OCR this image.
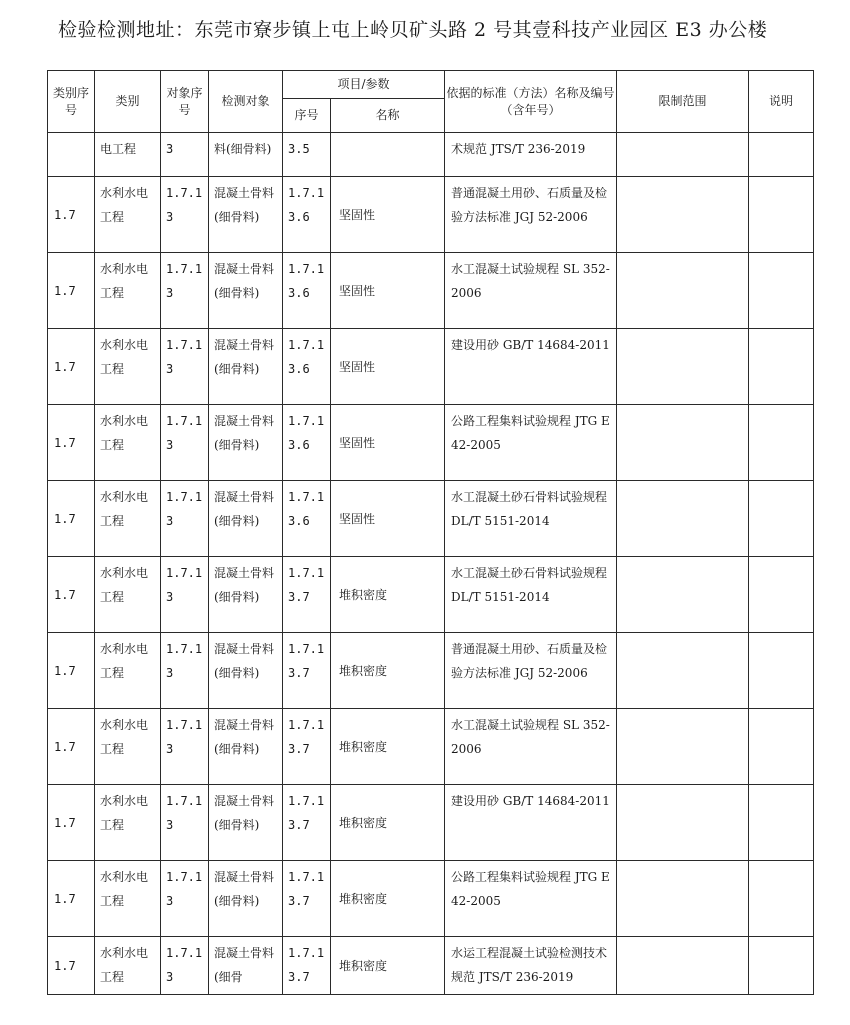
检验检测地址：东莞市寮步镇上屯上岭贝矿头路 2 号其壹科技产业园区 E3 办公楼
类别序号	类别	对象序号	检测对象	项目/参数		依据的标准（方法）名称及编号（含年号）	限制范围	说明
				序号	名称			
	电工程	3	料(细骨料)	3.5		术规范 JTS/T 236-2019		
1.7	水利水电工程	1.7.13	混凝土骨料(细骨料)	1.7.13.6	坚固性	普通混凝土用砂、石质量及检验方法标准 JGJ 52-2006		
1.7	水利水电工程	1.7.13	混凝土骨料(细骨料)	1.7.13.6	坚固性	水工混凝土试验规程 SL 352-2006		
1.7	水利水电工程	1.7.13	混凝土骨料(细骨料)	1.7.13.6	坚固性	建设用砂 GB/T 14684-2011		
1.7	水利水电工程	1.7.13	混凝土骨料(细骨料)	1.7.13.6	坚固性	公路工程集料试验规程 JTG E42-2005		
1.7	水利水电工程	1.7.13	混凝土骨料(细骨料)	1.7.13.6	坚固性	水工混凝土砂石骨料试验规程 DL/T 5151-2014		
1.7	水利水电工程	1.7.13	混凝土骨料(细骨料)	1.7.13.7	堆积密度	水工混凝土砂石骨料试验规程 DL/T 5151-2014		
1.7	水利水电工程	1.7.13	混凝土骨料(细骨料)	1.7.13.7	堆积密度	普通混凝土用砂、石质量及检验方法标准 JGJ 52-2006		
1.7	水利水电工程	1.7.13	混凝土骨料(细骨料)	1.7.13.7	堆积密度	水工混凝土试验规程 SL 352-2006		
1.7	水利水电工程	1.7.13	混凝土骨料(细骨料)	1.7.13.7	堆积密度	建设用砂 GB/T 14684-2011		
1.7	水利水电工程	1.7.13	混凝土骨料(细骨料)	1.7.13.7	堆积密度	公路工程集料试验规程 JTG E42-2005		
1.7	水利水电工程	1.7.13	混凝土骨料(细骨	1.7.13.7	堆积密度	水运工程混凝土试验检测技术规范 JTS/T 236-2019		
